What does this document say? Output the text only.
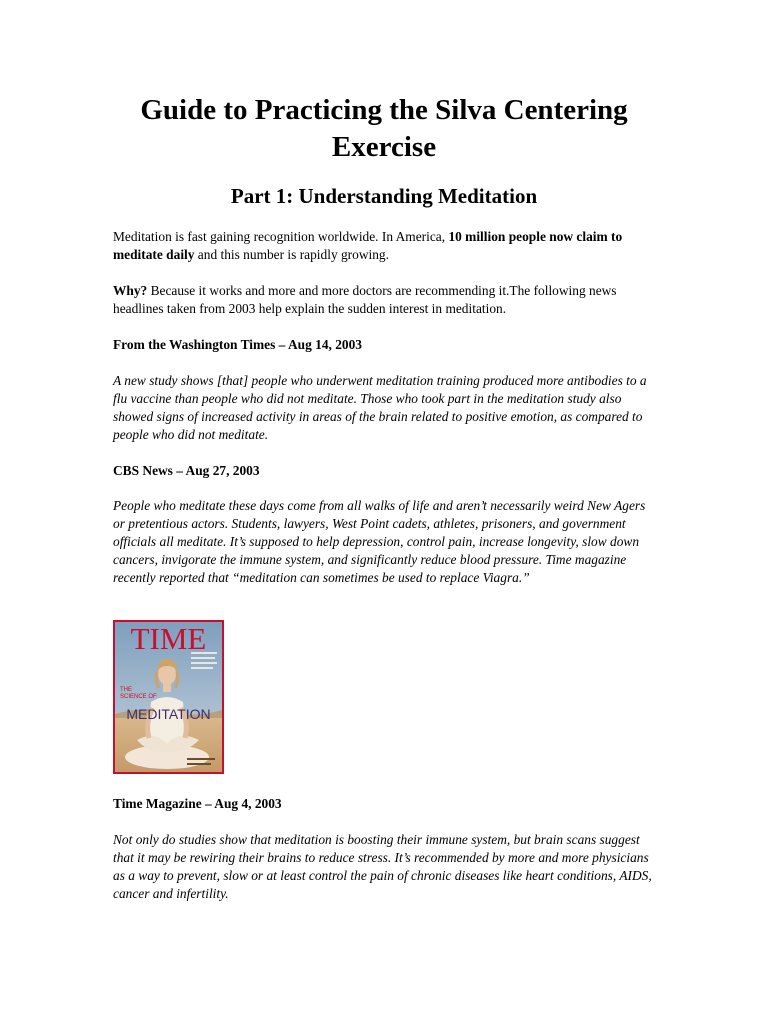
Guide to Practicing the Silva Centering Exercise
Part 1: Understanding Meditation

Meditation is fast gaining recognition worldwide. In America, 10 million people now claim to meditate daily and this number is rapidly growing.

Why? Because it works and more and more doctors are recommending it.The following news headlines taken from 2003 help explain the sudden interest in meditation.

From the Washington Times – Aug 14, 2003

A new study shows [that] people who underwent meditation training produced more antibodies to a flu vaccine than people who did not meditate. Those who took part in the meditation study also showed signs of increased activity in areas of the brain related to positive emotion, as compared to people who did not meditate.

CBS News – Aug 27, 2003

People who meditate these days come from all walks of life and aren’t necessarily weird New Agers or pretentious actors. Students, lawyers, West Point cadets, athletes, prisoners, and government officials all meditate. It’s supposed to help depression, control pain, increase longevity, slow down cancers, invigorate the immune system, and significantly reduce blood pressure. Time magazine recently reported that “meditation can sometimes be used to replace Viagra.”

TIME
THE
SCIENCE OF
MEDITATION

Time Magazine – Aug 4, 2003

Not only do studies show that meditation is boosting their immune system, but brain scans suggest that it may be rewiring their brains to reduce stress. It’s recommended by more and more physicians as a way to prevent, slow or at least control the pain of chronic diseases like heart conditions, AIDS, cancer and infertility.
